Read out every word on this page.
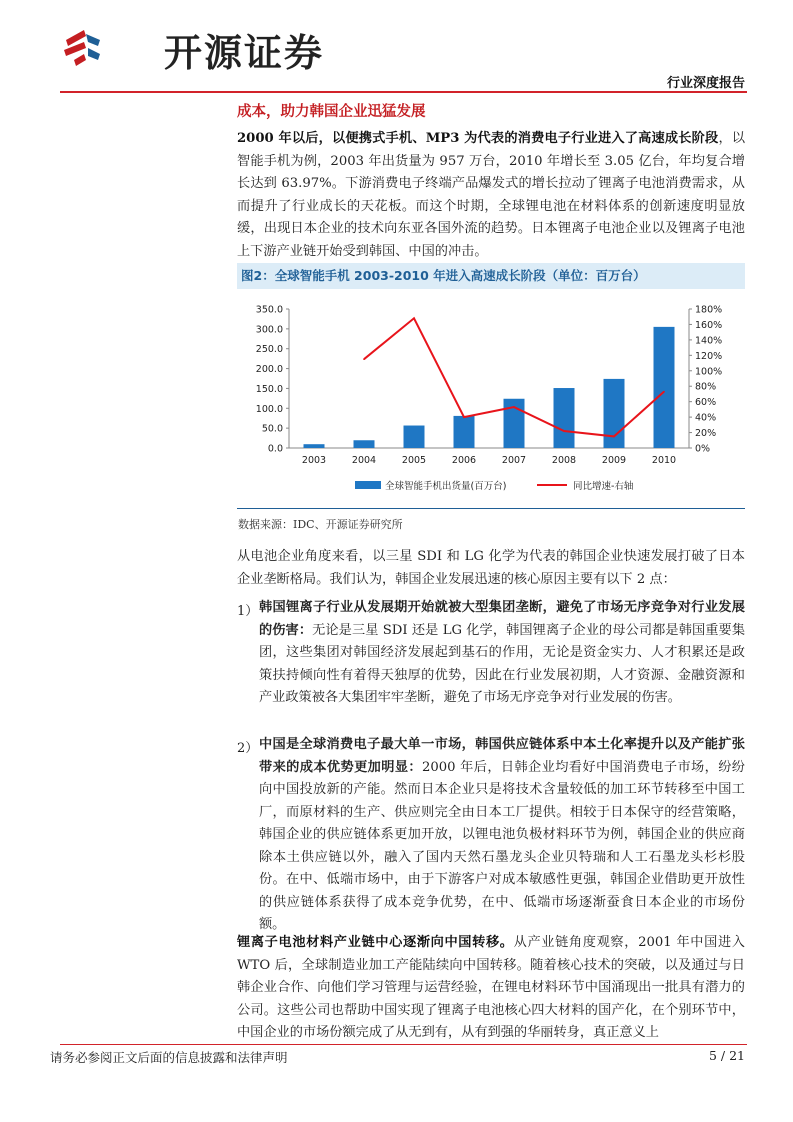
开源证券
行业深度报告
成本，助力韩国企业迅猛发展
2000 年以后，以便携式手机、MP3 为代表的消费电子行业进入了高速成长阶段，以智能手机为例，2003 年出货量为 957 万台，2010 年增长至 3.05 亿台，年均复合增长达到 63.97%。下游消费电子终端产品爆发式的增长拉动了锂离子电池消费需求，从而提升了行业成长的天花板。而这个时期，全球锂电池在材料体系的创新速度明显放缓，出现日本企业的技术向东亚各国外流的趋势。日本锂离子电池企业以及锂离子电池上下游产业链开始受到韩国、中国的冲击。
图2：全球智能手机 2003-2010 年进入高速成长阶段（单位：百万台）
0.0
50.0
100.0
150.0
200.0
250.0
300.0
350.0
0%
20%
40%
60%
80%
100%
120%
140%
160%
180%
2003	2004	2005	2006	2007	2008	2009	2010
全球智能手机出货量(百万台)	同比增速-右轴
数据来源：IDC、开源证券研究所
从电池企业角度来看，以三星 SDI 和 LG 化学为代表的韩国企业快速发展打破了日本企业垄断格局。我们认为，韩国企业发展迅速的核心原因主要有以下 2 点：
1） 韩国锂离子行业从发展期开始就被大型集团垄断，避免了市场无序竞争对行业发展的伤害：无论是三星 SDI 还是 LG 化学，韩国锂离子企业的母公司都是韩国重要集团，这些集团对韩国经济发展起到基石的作用，无论是资金实力、人才积累还是政策扶持倾向性有着得天独厚的优势，因此在行业发展初期，人才资源、金融资源和产业政策被各大集团牢牢垄断，避免了市场无序竞争对行业发展的伤害。
2） 中国是全球消费电子最大单一市场，韩国供应链体系中本土化率提升以及产能扩张带来的成本优势更加明显：2000 年后，日韩企业均看好中国消费电子市场，纷纷向中国投放新的产能。然而日本企业只是将技术含量较低的加工环节转移至中国工厂，而原材料的生产、供应则完全由日本工厂提供。相较于日本保守的经营策略，韩国企业的供应链体系更加开放，以锂电池负极材料环节为例，韩国企业的供应商除本土供应链以外，融入了国内天然石墨龙头企业贝特瑞和人工石墨龙头杉杉股份。在中、低端市场中，由于下游客户对成本敏感性更强，韩国企业借助更开放性的供应链体系获得了成本竞争优势，在中、低端市场逐渐蚕食日本企业的市场份额。
锂离子电池材料产业链中心逐渐向中国转移。从产业链角度观察，2001 年中国进入 WTO 后，全球制造业加工产能陆续向中国转移。随着核心技术的突破，以及通过与日韩企业合作、向他们学习管理与运营经验，在锂电材料环节中国涌现出一批具有潜力的公司。这些公司也帮助中国实现了锂离子电池核心四大材料的国产化，在个别环节中，中国企业的市场份额完成了从无到有，从有到强的华丽转身，真正意义上
请务必参阅正文后面的信息披露和法律声明	5 / 21
